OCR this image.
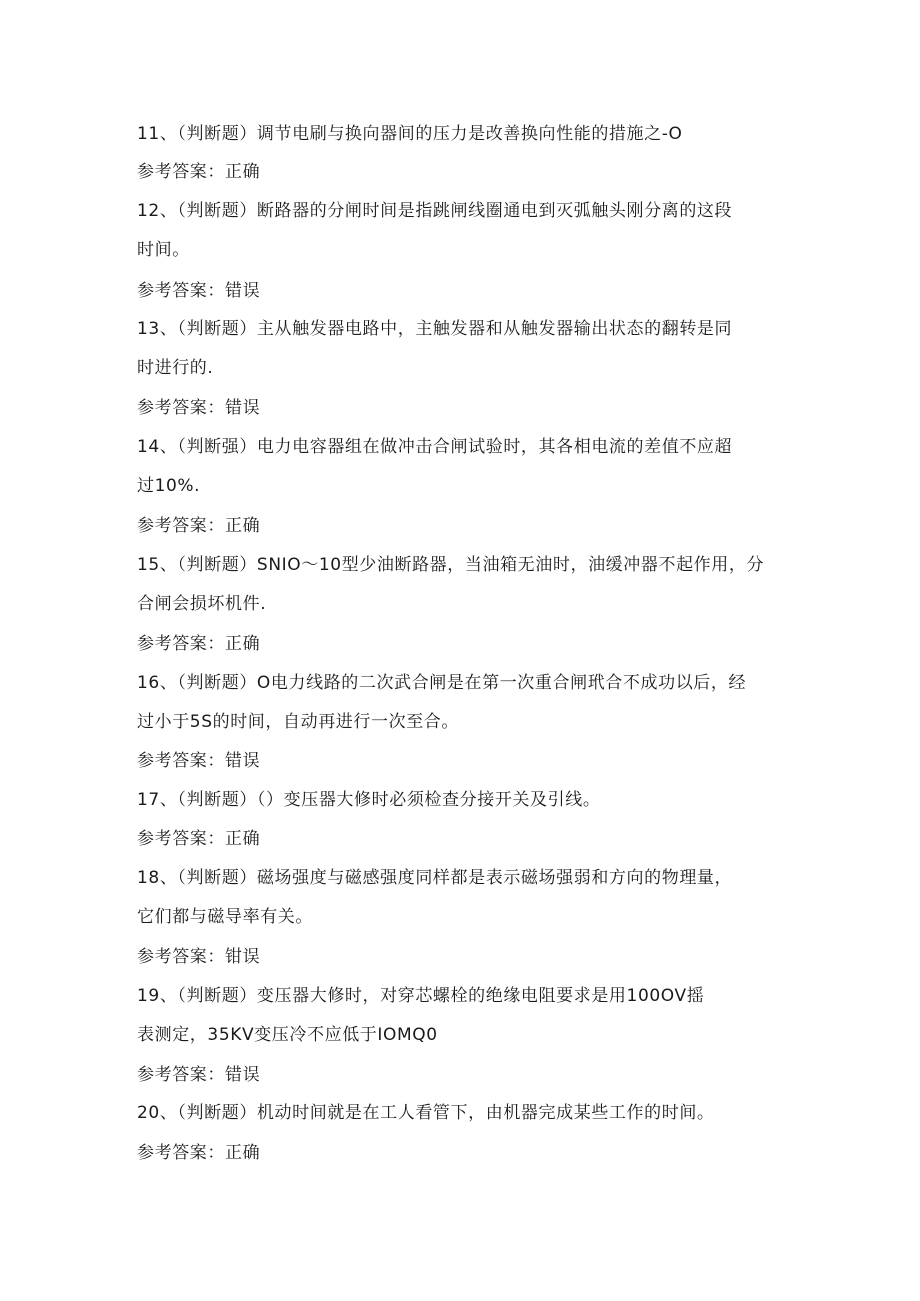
11、（判断题）调节电刷与换向器间的压力是改善换向性能的措施之-O
参考答案：正确
12、（判断题）断路器的分闸时间是指跳闸线圈通电到灭弧触头刚分离的这段
时间。
参考答案：错误
13、（判断题）主从触发器电路中，主触发器和从触发器输出状态的翻转是同
时进行的.
参考答案：错误
14、（判断强）电力电容器组在做冲击合闸试验时，其各相电流的差值不应超
过10%.
参考答案：正确
15、（判断题）SNIO～10型少油断路器，当油箱无油时，油缓冲器不起作用，分
合闸会损坏机件.
参考答案：正确
16、（判断题）O电力线路的二次武合闸是在第一次重合闸玳合不成功以后，经
过小于5S的时间，自动再进行一次至合。
参考答案：错误
17、（判断题）（）变压器大修时必须检查分接开关及引线。
参考答案：正确
18、（判断题）磁场强度与磁感强度同样都是表示磁场强弱和方向的物理量，
它们都与磁导率有关。
参考答案：钳误
19、（判断题）变压器大修时，对穿芯螺栓的绝缘电阻要求是用100OV摇
表测定，35KV变压冷不应低于IOMQ0
参考答案：错误
20、（判断题）机动时间就是在工人看管下，由机器完成某些工作的时间。
参考答案：正确
